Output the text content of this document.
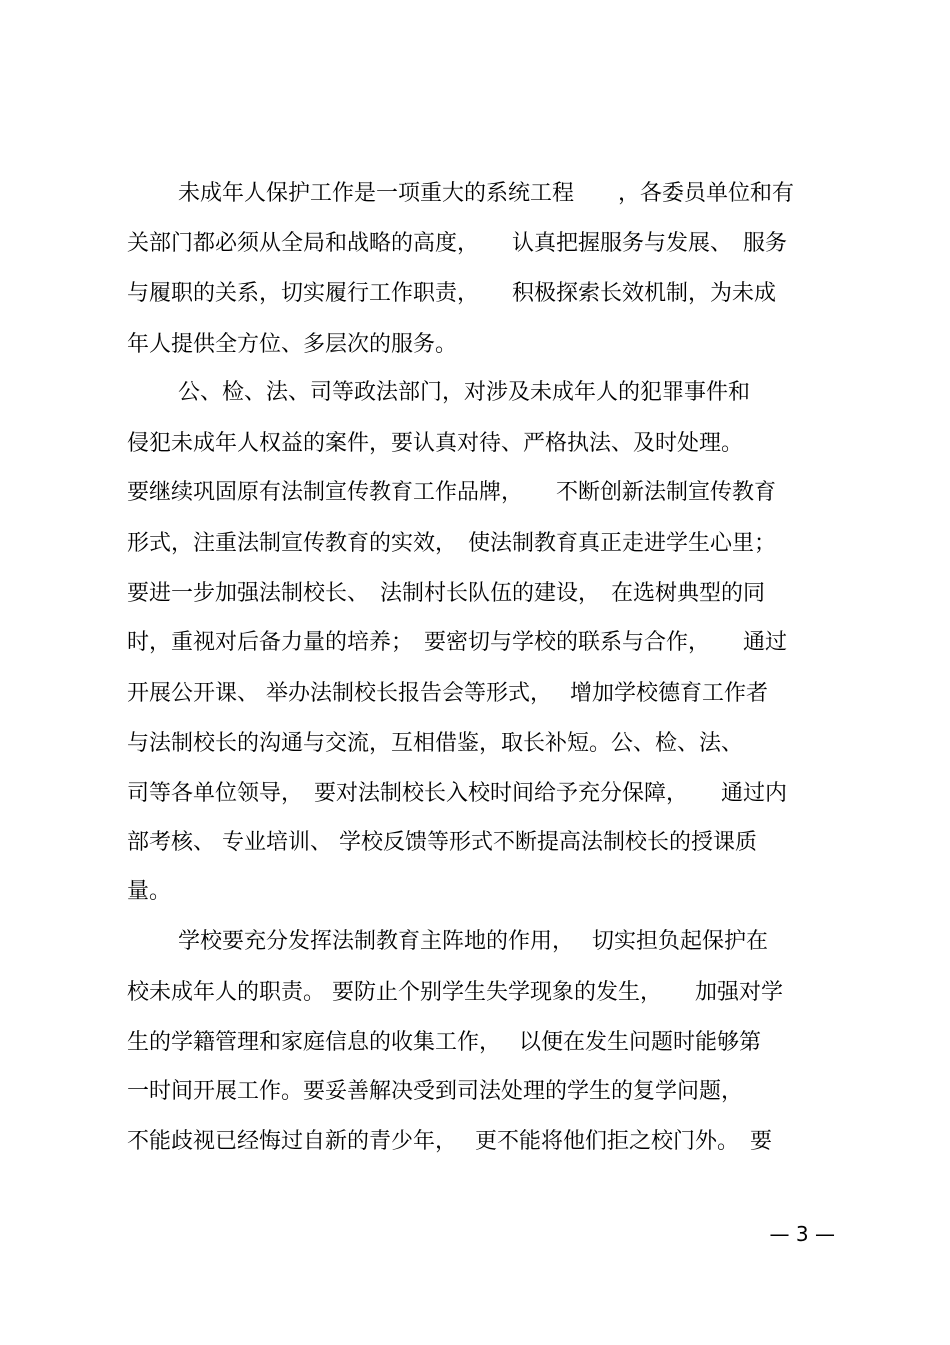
未成年人保护工作是一项重大的系统工程　　，各委员单位和有
关部门都必须从全局和战略的高度，　　认真把握服务与发展、　服务
与履职的关系，切实履行工作职责，　　积极探索长效机制，为未成
年人提供全方位、多层次的服务。
公、检、法、司等政法部门，对涉及未成年人的犯罪事件和
侵犯未成年人权益的案件，要认真对待、严格执法、及时处理。
要继续巩固原有法制宣传教育工作品牌，　　不断创新法制宣传教育
形式，注重法制宣传教育的实效，　使法制教育真正走进学生心里；
要进一步加强法制校长、　法制村长队伍的建设，　在选树典型的同
时，重视对后备力量的培养；　要密切与学校的联系与合作，　　通过
开展公开课、 举办法制校长报告会等形式，　 增加学校德育工作者
与法制校长的沟通与交流，互相借鉴，取长补短。公、检、法、
司等各单位领导，　要对法制校长入校时间给予充分保障，　　通过内
部考核、 专业培训、 学校反馈等形式不断提高法制校长的授课质
量。
学校要充分发挥法制教育主阵地的作用，　 切实担负起保护在
校未成年人的职责。 要防止个别学生失学现象的发生，　　加强对学
生的学籍管理和家庭信息的收集工作，　 以便在发生问题时能够第
一时间开展工作。要妥善解决受到司法处理的学生的复学问题，
不能歧视已经悔过自新的青少年，　 更不能将他们拒之校门外。　要
— 3 —
